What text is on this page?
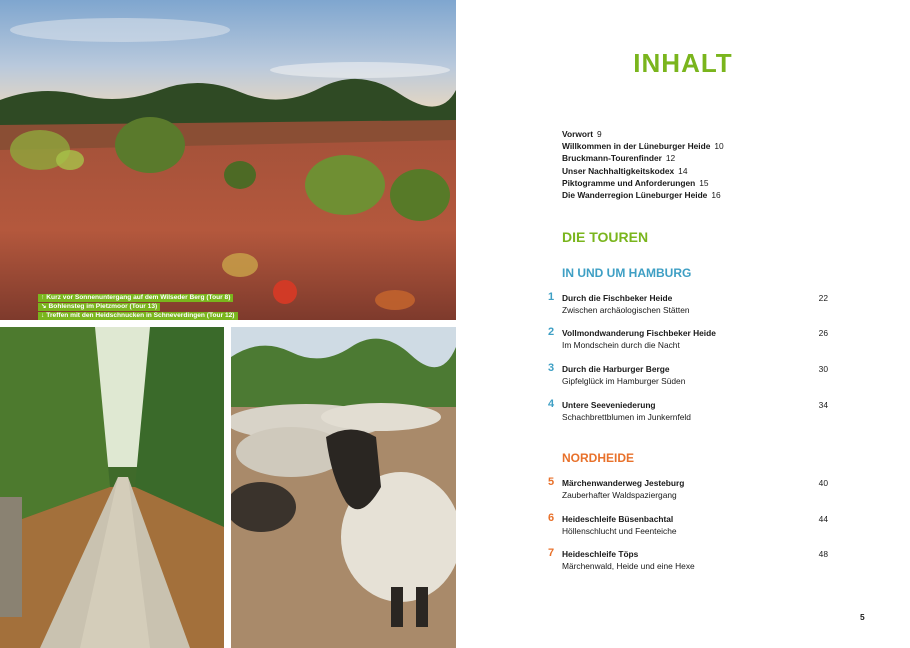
↑ Kurz vor Sonnenuntergang auf dem Wilseder Berg (Tour 8)
↘ Bohlensteg im Pietzmoor (Tour 13)
↓ Treffen mit den Heidschnucken in Schneverdingen (Tour 12)
INHALT
Vorwort 9
Willkommen in der Lüneburger Heide 10
Bruckmann-Tourenfinder 12
Unser Nachhaltigkeitskodex 14
Piktogramme und Anforderungen 15
Die Wanderregion Lüneburger Heide 16
DIE TOUREN
IN UND UM HAMBURG
1 Durch die Fischbeker Heide
Zwischen archäologischen Stätten
22
2 Vollmondwanderung Fischbeker Heide
Im Mondschein durch die Nacht
26
3 Durch die Harburger Berge
Gipfelglück im Hamburger Süden
30
4 Untere Seeveniederung
Schachbrettblumen im Junkernfeld
34
NORDHEIDE
5 Märchenwanderweg Jesteburg
Zauberhafter Waldspaziergang
40
6 Heideschleife Büsenbachtal
Höllenschlucht und Feenteiche
44
7 Heideschleife Töps
Märchenwald, Heide und eine Hexe
48
5
